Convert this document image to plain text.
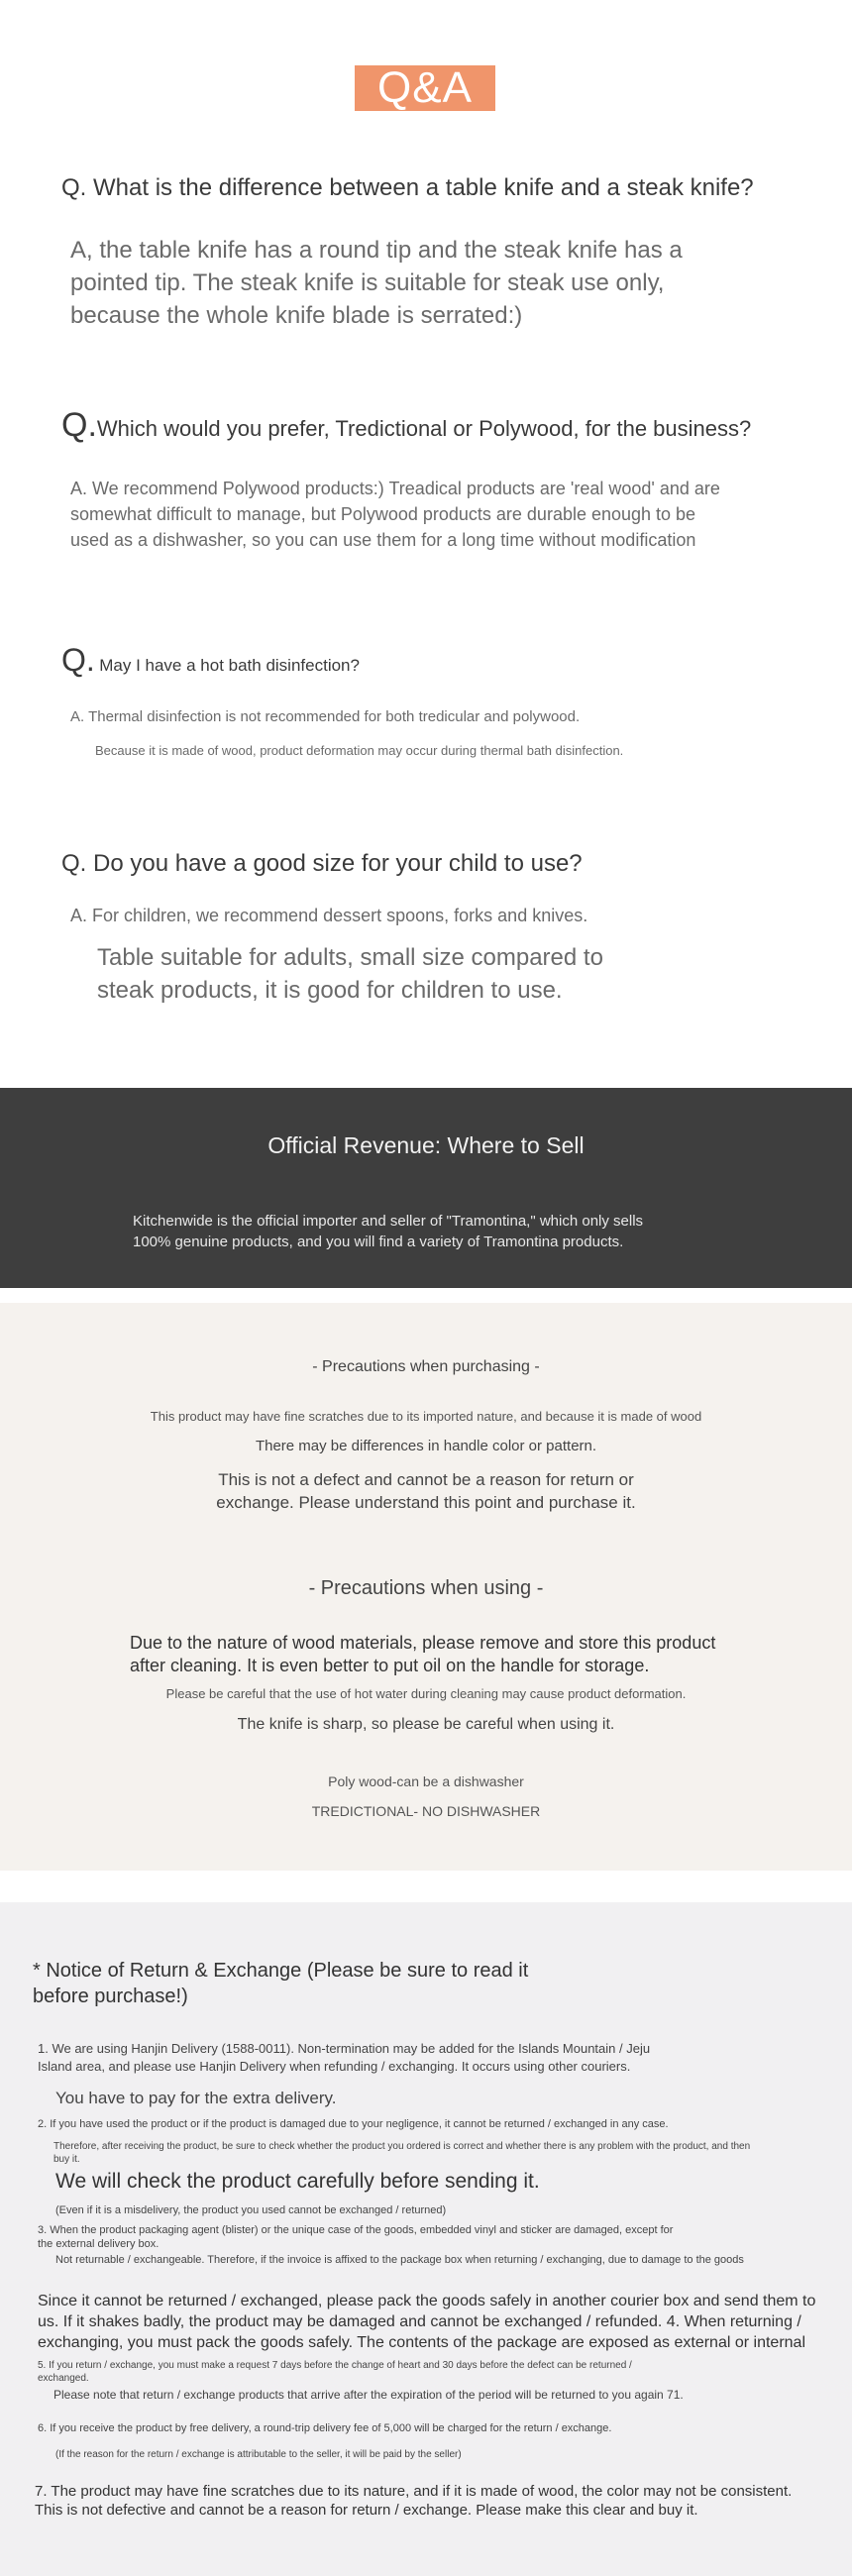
Q&A
Q. What is the difference between a table knife and a steak knife?
A, the table knife has a round tip and the steak knife has a
pointed tip. The steak knife is suitable for steak use only,
because the whole knife blade is serrated:)
Q.Which would you prefer, Tredictional or Polywood, for the business?
A. We recommend Polywood products:) Treadical products are 'real wood' and are
somewhat difficult to manage, but Polywood products are durable enough to be
used as a dishwasher, so you can use them for a long time without modification
Q. May I have a hot bath disinfection?
A. Thermal disinfection is not recommended for both tredicular and polywood.
Because it is made of wood, product deformation may occur during thermal bath disinfection.
Q. Do you have a good size for your child to use?
A. For children, we recommend dessert spoons, forks and knives.
Table suitable for adults, small size compared to
steak products, it is good for children to use.
Official Revenue: Where to Sell
Kitchenwide is the official importer and seller of "Tramontina," which only sells
100% genuine products, and you will find a variety of Tramontina products.
- Precautions when purchasing -
This product may have fine scratches due to its imported nature, and because it is made of wood
There may be differences in handle color or pattern.
This is not a defect and cannot be a reason for return or
exchange. Please understand this point and purchase it.
- Precautions when using -
Due to the nature of wood materials, please remove and store this product
after cleaning. It is even better to put oil on the handle for storage.
Please be careful that the use of hot water during cleaning may cause product deformation.
The knife is sharp, so please be careful when using it.
Poly wood-can be a dishwasher
TREDICTIONAL- NO DISHWASHER
* Notice of Return & Exchange (Please be sure to read it
before purchase!)
1. We are using Hanjin Delivery (1588-0011). Non-termination may be added for the Islands Mountain / Jeju
Island area, and please use Hanjin Delivery when refunding / exchanging. It occurs using other couriers.
You have to pay for the extra delivery.
2. If you have used the product or if the product is damaged due to your negligence, it cannot be returned / exchanged in any case.
Therefore, after receiving the product, be sure to check whether the product you ordered is correct and whether there is any problem with the product, and then
buy it.
We will check the product carefully before sending it.
(Even if it is a misdelivery, the product you used cannot be exchanged / returned)
3. When the product packaging agent (blister) or the unique case of the goods, embedded vinyl and sticker are damaged, except for
the external delivery box.
Not returnable / exchangeable. Therefore, if the invoice is affixed to the package box when returning / exchanging, due to damage to the goods
Since it cannot be returned / exchanged, please pack the goods safely in another courier box and send them to
us. If it shakes badly, the product may be damaged and cannot be exchanged / refunded. 4. When returning /
exchanging, you must pack the goods safely. The contents of the package are exposed as external or internal
5. If you return / exchange, you must make a request 7 days before the change of heart and 30 days before the defect can be returned /
exchanged.
Please note that return / exchange products that arrive after the expiration of the period will be returned to you again 71.
6. If you receive the product by free delivery, a round-trip delivery fee of 5,000 will be charged for the return / exchange.
(If the reason for the return / exchange is attributable to the seller, it will be paid by the seller)
7. The product may have fine scratches due to its nature, and if it is made of wood, the color may not be consistent.
This is not defective and cannot be a reason for return / exchange. Please make this clear and buy it.
